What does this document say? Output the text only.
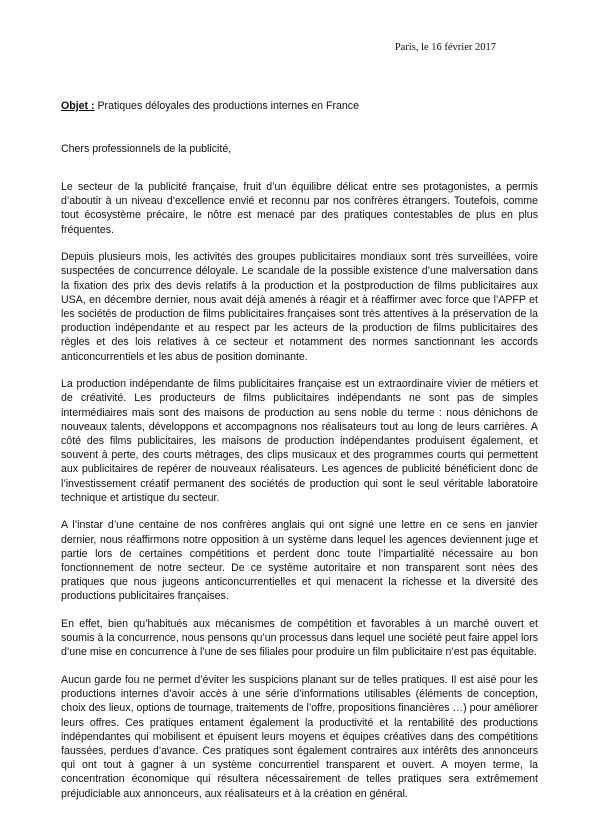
Paris, le 16 février 2017

Objet : Pratiques déloyales des productions internes en France

Chers professionnels de la publicité,

Le secteur de la publicité française, fruit d’un équilibre délicat entre ses protagonistes, a permis d’aboutir à un niveau d’excellence envié et reconnu par nos confrères étrangers. Toutefois, comme tout écosystème précaire, le nôtre est menacé par des pratiques contestables de plus en plus fréquentes.

Depuis plusieurs mois, les activités des groupes publicitaires mondiaux sont très surveillées, voire suspectées de concurrence déloyale. Le scandale de la possible existence d’une malversation dans la fixation des prix des devis relatifs à la production et la postproduction de films publicitaires aux USA, en décembre dernier, nous avait déjà amenés à réagir et à réaffirmer avec force que l’APFP et les sociétés de production de films publicitaires françaises sont très attentives à la préservation de la production indépendante et au respect par les acteurs de la production de films publicitaires des règles et des lois relatives à ce secteur et notamment des normes sanctionnant les accords anticoncurrentiels et les abus de position dominante.

La production indépendante de films publicitaires française est un extraordinaire vivier de métiers et de créativité. Les producteurs de films publicitaires indépendants ne sont pas de simples intermédiaires mais sont des maisons de production au sens noble du terme : nous dénichons de nouveaux talents, développons et accompagnons nos réalisateurs tout au long de leurs carrières. A côté des films publicitaires, les maisons de production indépendantes produisent également, et souvent à perte, des courts métrages, des clips musicaux et des programmes courts qui permettent aux publicitaires de repérer de nouveaux réalisateurs. Les agences de publicité bénéficient donc de l’investissement créatif permanent des sociétés de production qui sont le seul véritable laboratoire technique et artistique du secteur.

A l’instar d’une centaine de nos confrères anglais qui ont signé une lettre en ce sens en janvier dernier, nous réaffirmons notre opposition à un système dans lequel les agences deviennent juge et partie lors de certaines compétitions et perdent donc toute l’impartialité nécessaire au bon fonctionnement de notre secteur. De ce système autoritaire et non transparent sont nées des pratiques que nous jugeons anticoncurrentielles et qui menacent la richesse et la diversité des productions publicitaires françaises.

En effet, bien qu’habitués aux mécanismes de compétition et favorables à un marché ouvert et soumis à la concurrence, nous pensons qu’un processus dans lequel une société peut faire appel lors d’une mise en concurrence à l’une de ses filiales pour produire un film publicitaire n’est pas équitable.

Aucun garde fou ne permet d’éviter les suspicions planant sur de telles pratiques. Il est aisé pour les productions internes d’avoir accès à une série d’informations utilisables (éléments de conception, choix des lieux, options de tournage, traitements de l’offre, propositions financières …) pour améliorer leurs offres. Ces pratiques entament également la productivité et la rentabilité des productions indépendantes qui mobilisent et épuisent leurs moyens et équipes créatives dans des compétitions faussées, perdues d’avance. Ces pratiques sont également contraires aux intérêts des annonceurs qui ont tout à gagner à un système concurrentiel transparent et ouvert. A moyen terme, la concentration économique qui résultera nécessairement de telles pratiques sera extrêmement préjudiciable aux annonceurs, aux réalisateurs et à la création en général.
